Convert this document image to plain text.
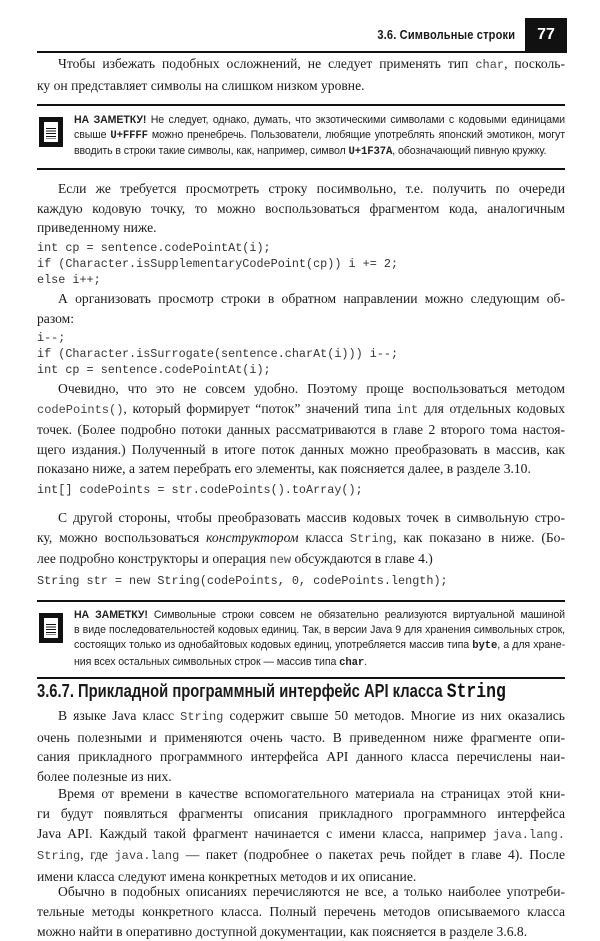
3.6. Символьные строки	77
Чтобы избежать подобных осложнений, не следует применять тип char, посколь-
ку он представляет символы на слишком низком уровне.
НА ЗАМЕТКУ! Не следует, однако, думать, что экзотическими символами с кодовыми единицами
свыше U+FFFF можно пренебречь. Пользователи, любящие употреблять японский эмотикон, могут
вводить в строки такие символы, как, например, символ U+1F37A, обозначающий пивную кружку.
Если же требуется просмотреть строку посимвольно, т.е. получить по очереди
каждую кодовую точку, то можно воспользоваться фрагментом кода, аналогичным
приведенному ниже.
int cp = sentence.codePointAt(i);
if (Character.isSupplementaryCodePoint(cp)) i += 2;
else i++;
А организовать просмотр строки в обратном направлении можно следующим об-
разом:
i--;
if (Character.isSurrogate(sentence.charAt(i))) i--;
int cp = sentence.codePointAt(i);
Очевидно, что это не совсем удобно. Поэтому проще воспользоваться методом
codePoints(), который формирует “поток” значений типа int для отдельных кодовых
точек. (Более подробно потоки данных рассматриваются в главе 2 второго тома настоя-
щего издания.) Полученный в итоге поток данных можно преобразовать в массив, как
показано ниже, а затем перебрать его элементы, как поясняется далее, в разделе 3.10.
int[] codePoints = str.codePoints().toArray();
С другой стороны, чтобы преобразовать массив кодовых точек в символьную стро-
ку, можно воспользоваться конструктором класса String, как показано в ниже. (Бо-
лее подробно конструкторы и операция new обсуждаются в главе 4.)
String str = new String(codePoints, 0, codePoints.length);
НА ЗАМЕТКУ! Символьные строки совсем не обязательно реализуются виртуальной машиной
в виде последовательностей кодовых единиц. Так, в версии Java 9 для хранения символьных строк,
состоящих только из однобайтовых кодовых единиц, употребляется массив типа byte, а для хране-
ния всех остальных символьных строк — массив типа char.
3.6.7. Прикладной программный интерфейс API класса String
В языке Java класс String содержит свыше 50 методов. Многие из них оказались
очень полезными и применяются очень часто. В приведенном ниже фрагменте опи-
сания прикладного программного интерфейса API данного класса перечислены наи-
более полезные из них.
Время от времени в качестве вспомогательного материала на страницах этой кни-
ги будут появляться фрагменты описания прикладного программного интерфейса
Java API. Каждый такой фрагмент начинается с имени класса, например java.lang.
String, где java.lang — пакет (подробнее о пакетах речь пойдет в главе 4). После
имени класса следуют имена конкретных методов и их описание.
Обычно в подобных описаниях перечисляются не все, а только наиболее употреби-
тельные методы конкретного класса. Полный перечень методов описываемого класса
можно найти в оперативно доступной документации, как поясняется в разделе 3.6.8.
